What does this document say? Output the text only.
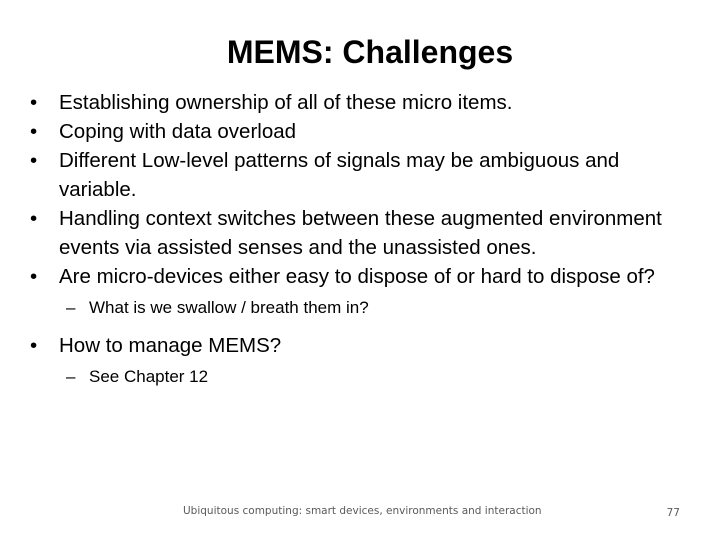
MEMS: Challenges
•	Establishing ownership of all of these micro items.
•	Coping with data overload
•	Different Low-level patterns of signals may be ambiguous and variable.
•	Handling context switches between these augmented environment events via assisted senses and the unassisted ones.
•	Are micro-devices either easy to dispose of or hard to dispose of?
– What is we swallow / breath them in?
•	How to manage MEMS?
– See Chapter 12
Ubiquitous computing: smart devices, environments and interaction	77
